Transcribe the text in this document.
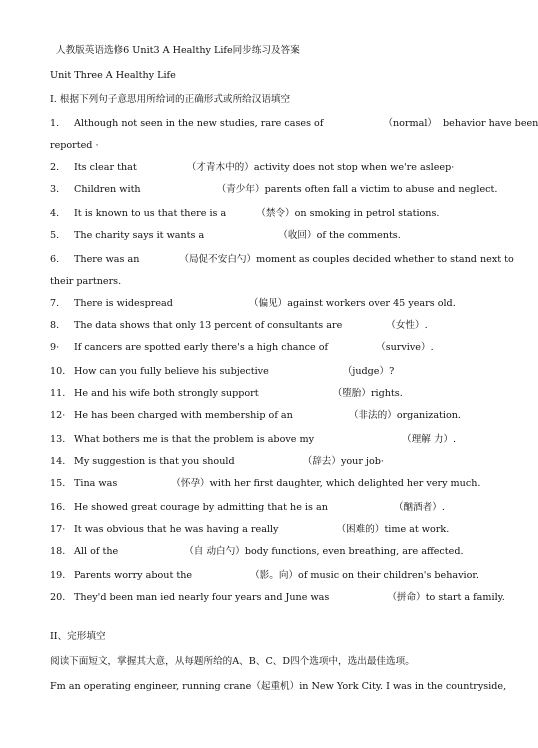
人教版英语选修6 Unit3 A Healthy Life同步练习及答案
Unit Three A Healthy Life
I. 根据下列句子意思用所给词的正确形式或所给汉语填空
1. Although not seen in the new studies, rare cases of	（normal） behavior have been
reported ·
2. Its clear that	（才青木中的）activity does not stop when we're asleep·
3. Children with	（青少年）parents often fall a victim to abuse and neglect.
4. It is known to us that there is a	（禁令）on smoking in petrol stations.
5. The charity says it wants a	（收回）of the comments.
6. There was an	（局促不安白勺）moment as couples decided whether to stand next to
their partners.
7. There is widespread	（偏见）against workers over 45 years old.
8. The data shows that only 13 percent of consultants are	（女性）.
9· If cancers are spotted early there's a high chance of	（survive）.
10. How can you fully believe his subjective	（judge）?
11. He and his wife both strongly support	（堕胎）rights.
12· He has been charged with membership of an	（非法的）organization.
13. What bothers me is that the problem is above my	（理解 力）.
14. My suggestion is that you should	（辞去）your job·
15. Tina was	（怀孕）with her first daughter, which delighted her very much.
16. He showed great courage by admitting that he is an	（酗酒者）.
17· It was obvious that he was having a really	（困难的）time at work.
18. All of the	（自 动白勺）body functions, even breathing, are affected.
19. Parents worry about the	（影。向）of music on their children's behavior.
20. They'd been man ied nearly four years and June was	（拼命）to start a family.
II、完形填空
阅读下面短文，掌握其大意，从每题所给的A、B、C、D四个选项中，选出最佳选项。
Fm an operating engineer, running crane（起重机）in New York City. I was in the countryside,
